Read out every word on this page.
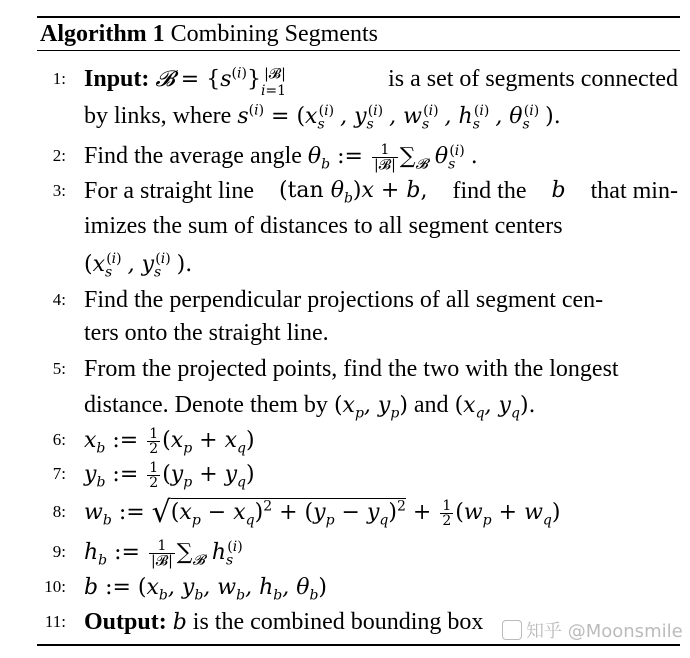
Algorithm 1 Combining Segments
1: Input: 𝓑 = $\{s^{(i)}\}_{i=1}^{|𝓑|}$	is a set of segments connected
by links, where $s^{(i)} = (x_s^{(i)}$ , $y_s^{(i)}$ , $w_s^{(i)}$ , $h_s^{(i)}$ , $\theta_s^{(i)}$ ).
2: Find the average angle $\theta_b$ := $\frac{1}{\text{|𝓑|}} \sum_𝓑$ $\theta_s^{(i)}$ .
3: For a straight line (tan $\theta_b)x + b$, find the b that min-
imizes the sum of distances to all segment centers
($x_s^{(i)}$ , $y_s^{(i)}$ ).
4: Find the perpendicular projections of all segment cen-
ters onto the straight line.
5: From the projected points, find the two with the longest
distance. Denote them by ($x_p$, $y_p$) and ($x_q$, $y_q$).
6: $x_b$ := $\frac{1}{2} (x_p + x_q)$
7: $y_b$ := $\frac{1}{2} (y_p + y_q)$
8: $w_b$ := $√(x_p - x_q)^2 + (y_p - y_q)^2 + \frac{1}{2} (w_p + w_q)$
9: $h_b$ := $\frac{1}{\text{|𝓑|}} \sum_𝓑$ $h_s^{(i)}$
10: b := ($x_b$, $y_b$, $w_b$, $h_b$, $\theta_b$)
11: Output: b is the combined bounding box	知乎 @Moonsmile
